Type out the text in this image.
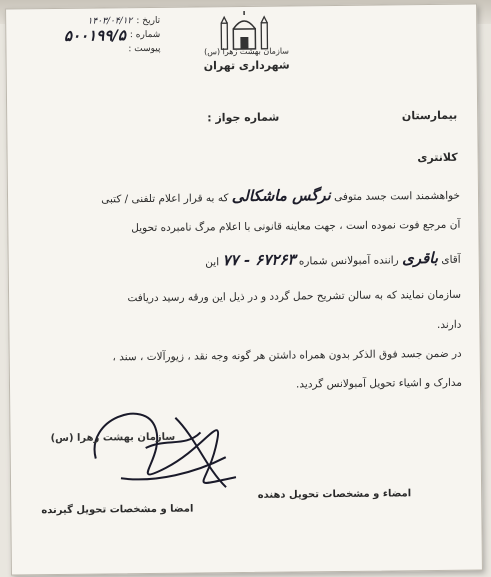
تاریخ :
۱۴۰۳/۰۴/۱۲
شماره :
۵۰۰۱۹۹/۵
پیوست :	سازمان بهشت زهرا (س)
شهرداری تهران
شماره جواز :	بیمارستان
کلانتری
خواهشمند است جسد متوفی نرگس ماشکالی که به قرار اعلام تلفنی / کتبی
آن مرجع فوت نموده است ، جهت معاینه قانونی با اعلام مرگ نامبرده تحویل
آقای باقری راننده آمبولانس شماره ۶۷۲۶۳ - ۷۷ این
سازمان نمایند که به سالن تشریح حمل گردد و در ذیل این ورقه رسید دریافت
دارند.
در ضمن جسد فوق الذکر بدون همراه داشتن هر گونه وجه نقد ، زیورآلات ، سند ،
مدارک و اشیاء تحویل آمبولانس گردید.
سازمان بهشت زهرا (س)
امضاء و مشخصات تحویل دهنده
امضا و مشخصات تحویل گیرنده
